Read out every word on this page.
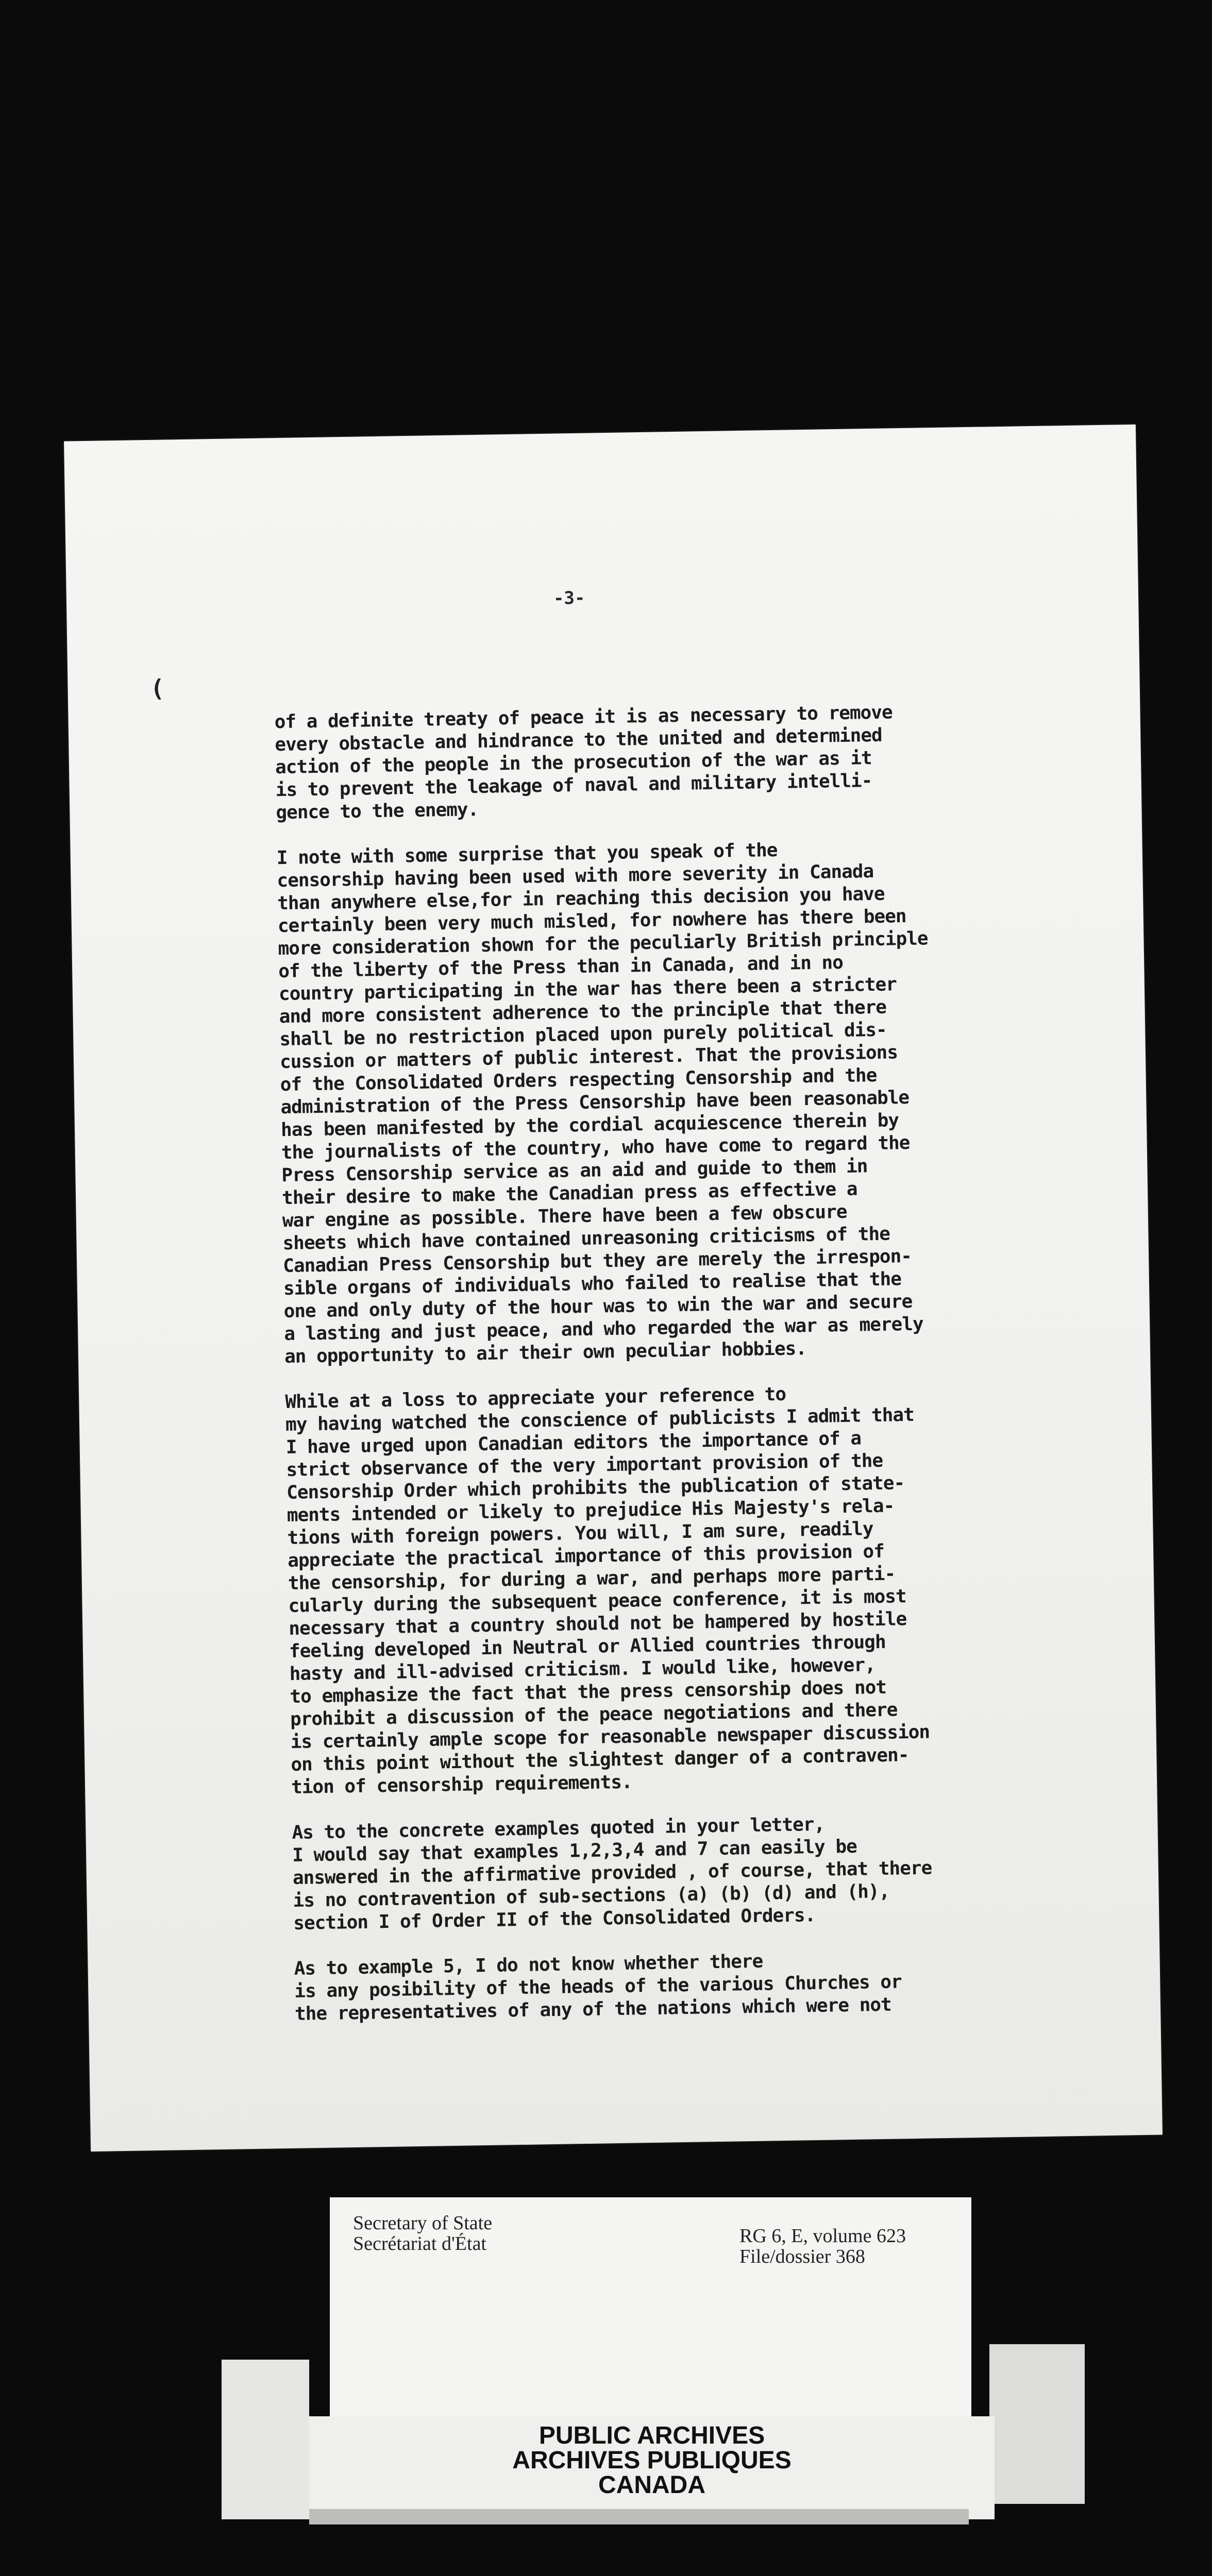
-3-
(
of a definite treaty of peace it is as necessary to remove
every obstacle and hindrance to the united and determined
action of the people in the prosecution of the war as it
is to prevent the leakage of naval and military intelli-
gence to the enemy.
I note with some surprise that you speak of the
censorship having been used with more severity in Canada
than anywhere else,for in reaching this decision you have
certainly been very much misled, for nowhere has there been
more consideration shown for the peculiarly British principle
of the liberty of the Press than in Canada, and in no
country participating in the war has there been a stricter
and more consistent adherence to the principle that there
shall be no restriction placed upon purely political dis-
cussion or matters of public interest. That the provisions
of the Consolidated Orders respecting Censorship and the
administration of the Press Censorship have been reasonable
has been manifested by the cordial acquiescence therein by
the journalists of the country, who have come to regard the
Press Censorship service as an aid and guide to them in
their desire to make the Canadian press as effective a
war engine as possible. There have been a few obscure
sheets which have contained unreasoning criticisms of the
Canadian Press Censorship but they are merely the irrespon-
sible organs of individuals who failed to realise that the
one and only duty of the hour was to win the war and secure
a lasting and just peace, and who regarded the war as merely
an opportunity to air their own peculiar hobbies.
While at a loss to appreciate your reference to
my having watched the conscience of publicists I admit that
I have urged upon Canadian editors the importance of a
strict observance of the very important provision of the
Censorship Order which prohibits the publication of state-
ments intended or likely to prejudice His Majesty's rela-
tions with foreign powers. You will, I am sure, readily
appreciate the practical importance of this provision of
the censorship, for during a war, and perhaps more parti-
cularly during the subsequent peace conference, it is most
necessary that a country should not be hampered by hostile
feeling developed in Neutral or Allied countries through
hasty and ill-advised criticism. I would like, however,
to emphasize the fact that the press censorship does not
prohibit a discussion of the peace negotiations and there
is certainly ample scope for reasonable newspaper discussion
on this point without the slightest danger of a contraven-
tion of censorship requirements.
As to the concrete examples quoted in your letter,
I would say that examples 1,2,3,4 and 7 can easily be
answered in the affirmative provided , of course, that there
is no contravention of sub-sections (a) (b) (d) and (h),
section I of Order II of the Consolidated Orders.
As to example 5, I do not know whether there
is any posibility of the heads of the various Churches or
the representatives of any of the nations which were not
Secretary of State
Secrétariat d'État	RG 6, E, volume 623
File/dossier 368
PUBLIC ARCHIVES
ARCHIVES PUBLIQUES
CANADA
